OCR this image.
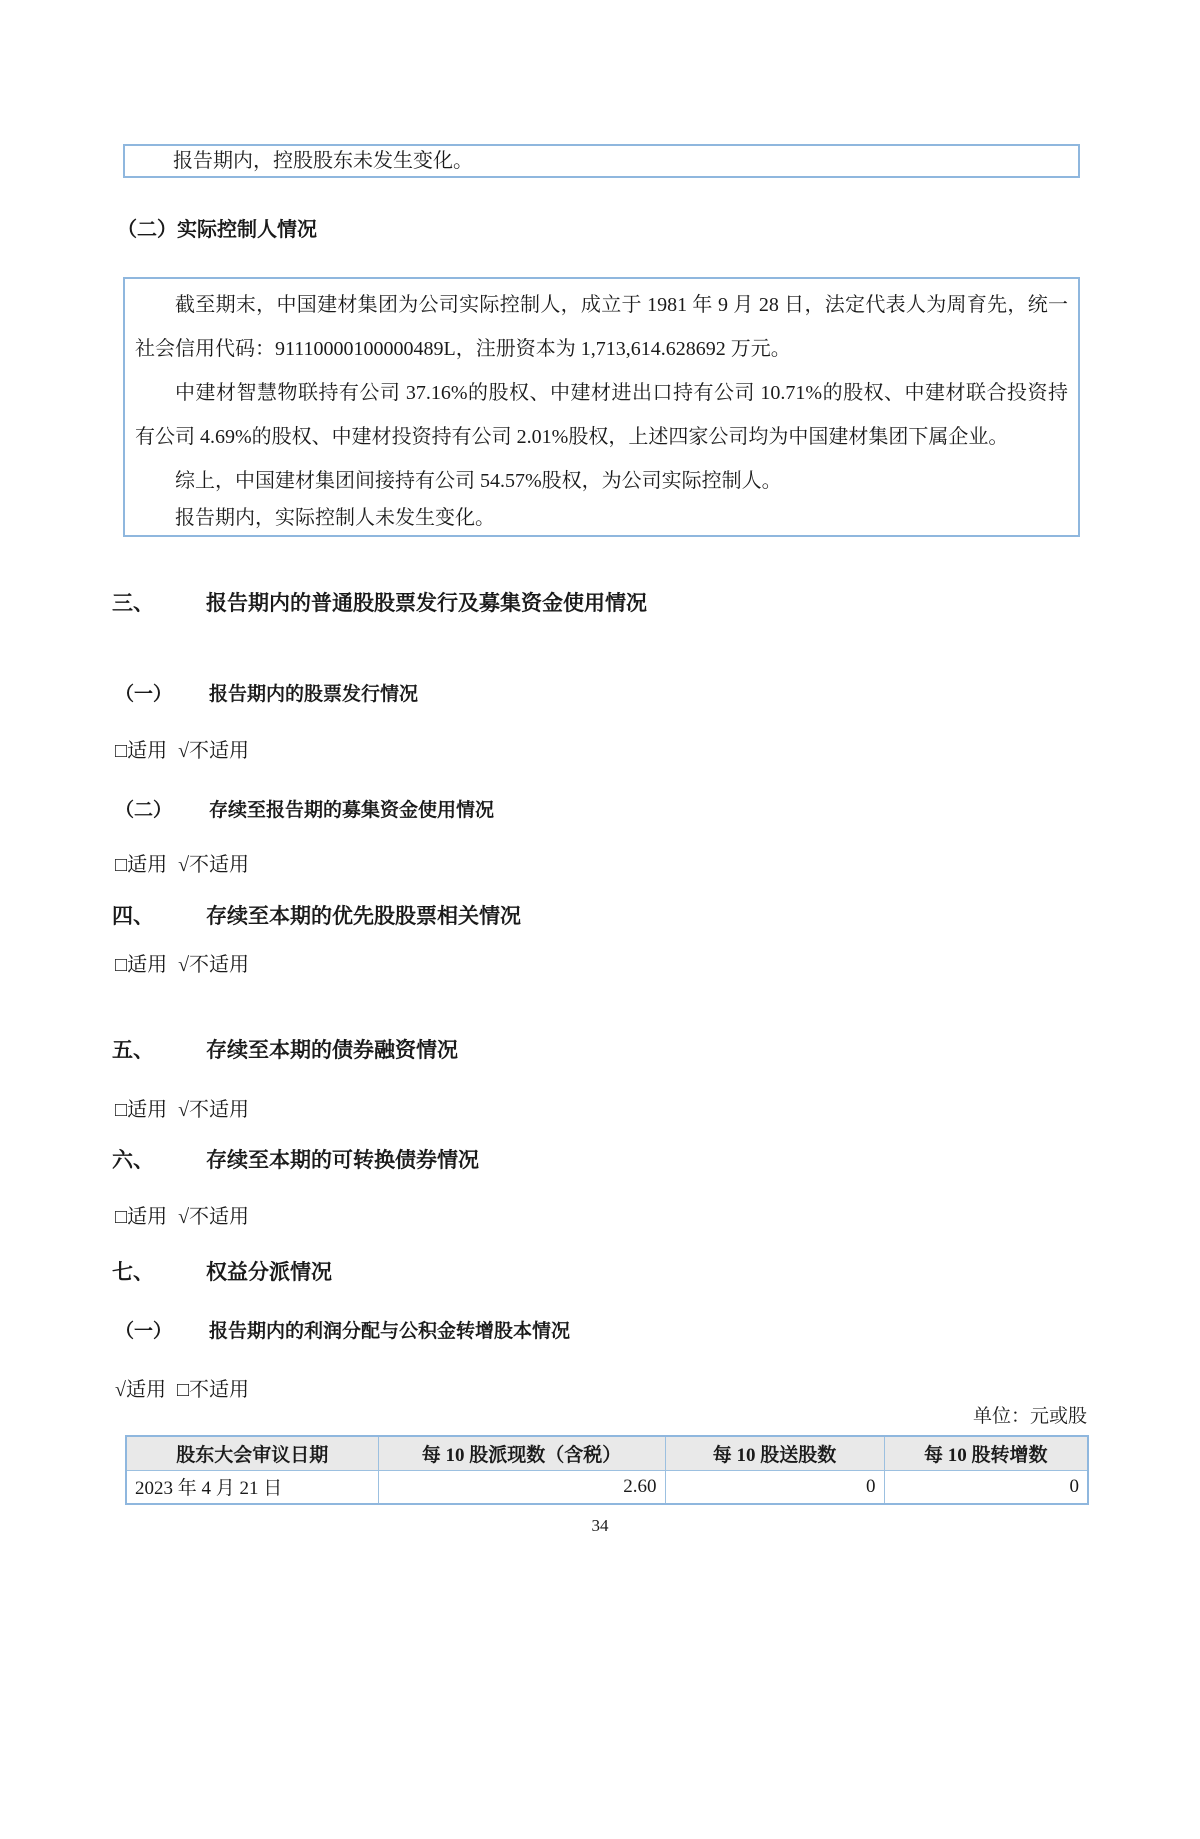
报告期内，控股股东未发生变化。
（二）实际控制人情况

截至期末，中国建材集团为公司实际控制人，成立于 1981 年 9 月 28 日，法定代表人为周育先，统一社会信用代码：91110000100000489L，注册资本为 1,713,614.628692 万元。

中建材智慧物联持有公司 37.16%的股权、中建材进出口持有公司 10.71%的股权、中建材联合投资持有公司 4.69%的股权、中建材投资持有公司 2.01%股权，上述四家公司均为中国建材集团下属企业。

综上，中国建材集团间接持有公司 54.57%股权，为公司实际控制人。

报告期内，实际控制人未发生变化。

三、 报告期内的普通股股票发行及募集资金使用情况
（一） 报告期内的股票发行情况
□适用 √不适用
（二） 存续至报告期的募集资金使用情况
□适用 √不适用
四、 存续至本期的优先股股票相关情况
□适用 √不适用
五、 存续至本期的债券融资情况
□适用 √不适用
六、 存续至本期的可转换债券情况
□适用 √不适用
七、 权益分派情况
（一） 报告期内的利润分配与公积金转增股本情况
√适用 □不适用
单位：元或股
股东大会审议日期	每 10 股派现数（含税）	每 10 股送股数	每 10 股转增数
2023 年 4 月 21 日	2.60	0	0
34
